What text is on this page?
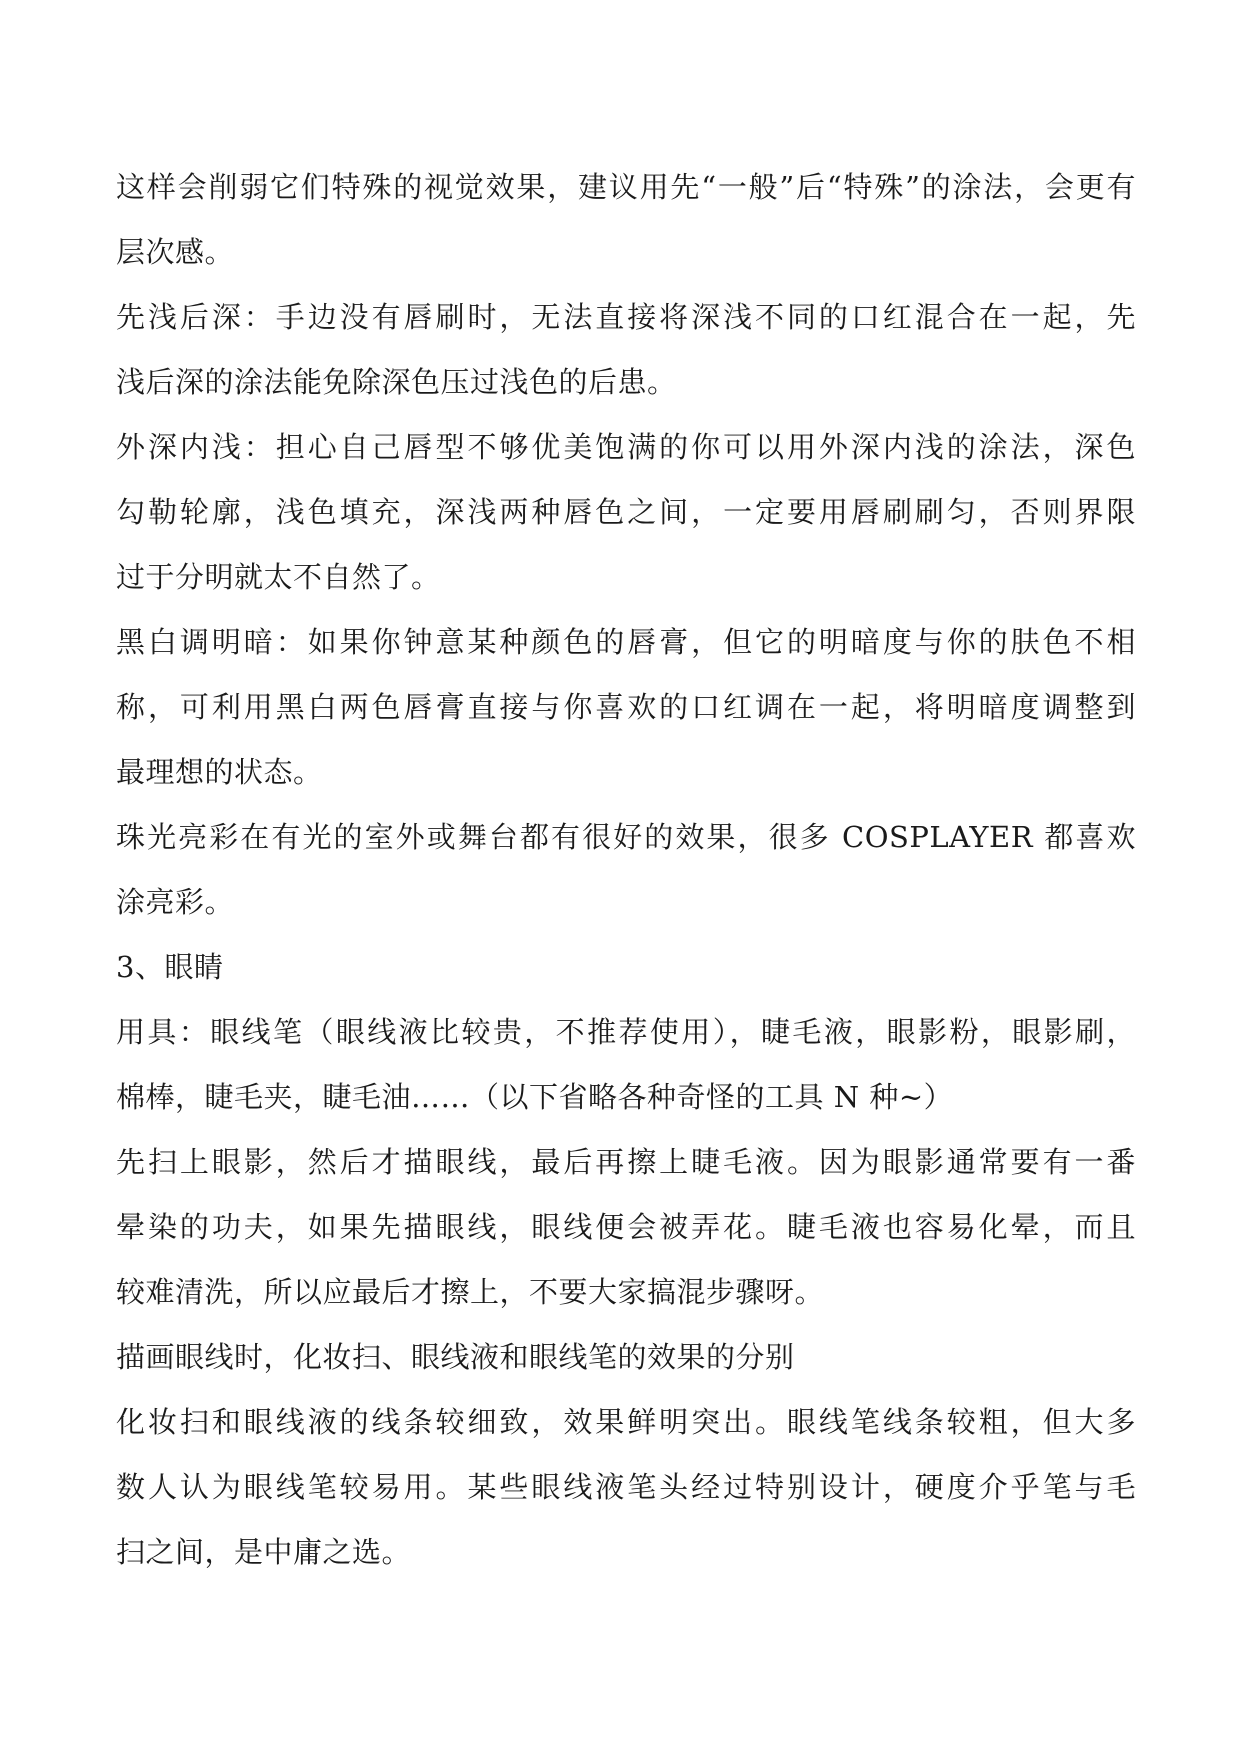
这样会削弱它们特殊的视觉效果，建议用先“一般”后“特殊”的涂法，会更有
层次感。
先浅后深：手边没有唇刷时，无法直接将深浅不同的口红混合在一起，先
浅后深的涂法能免除深色压过浅色的后患。
外深内浅：担心自己唇型不够优美饱满的你可以用外深内浅的涂法，深色
勾勒轮廓，浅色填充，深浅两种唇色之间，一定要用唇刷刷匀，否则界限
过于分明就太不自然了。
黑白调明暗：如果你钟意某种颜色的唇膏，但它的明暗度与你的肤色不相
称，可利用黑白两色唇膏直接与你喜欢的口红调在一起，将明暗度调整到
最理想的状态。
珠光亮彩在有光的室外或舞台都有很好的效果，很多 COSPLAYER 都喜欢
涂亮彩。
3、眼睛
用具：眼线笔（眼线液比较贵，不推荐使用），睫毛液，眼影粉，眼影刷，
棉棒，睫毛夹，睫毛油……（以下省略各种奇怪的工具 N 种~）
先扫上眼影，然后才描眼线，最后再擦上睫毛液。因为眼影通常要有一番
晕染的功夫，如果先描眼线，眼线便会被弄花。睫毛液也容易化晕，而且
较难清洗，所以应最后才擦上，不要大家搞混步骤呀。
描画眼线时，化妆扫、眼线液和眼线笔的效果的分别
化妆扫和眼线液的线条较细致，效果鲜明突出。眼线笔线条较粗，但大多
数人认为眼线笔较易用。某些眼线液笔头经过特别设计，硬度介乎笔与毛
扫之间，是中庸之选。
